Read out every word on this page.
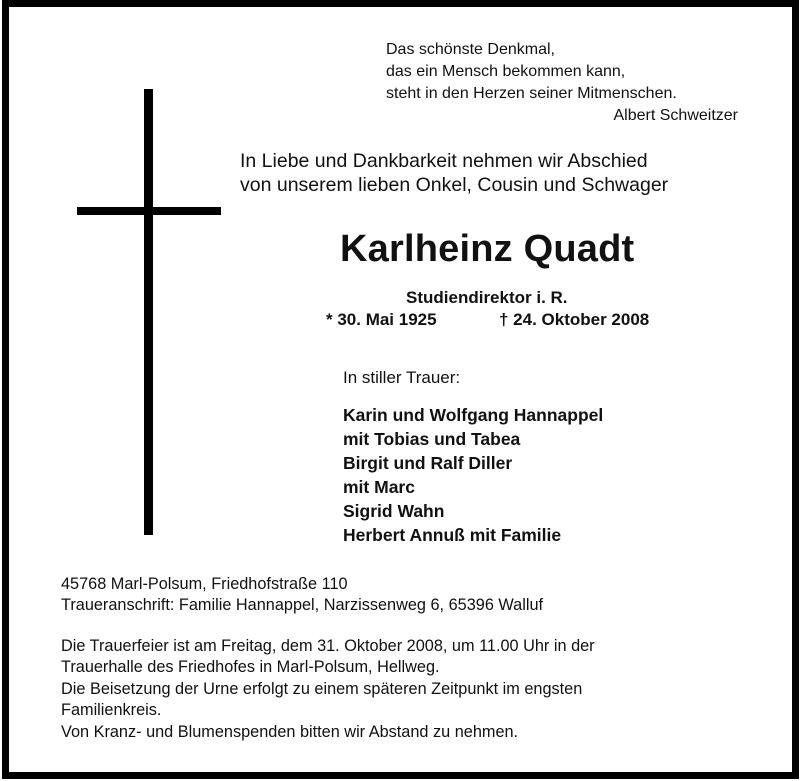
Das schönste Denkmal,
das ein Mensch bekommen kann,
steht in den Herzen seiner Mitmenschen.
Albert Schweitzer
In Liebe und Dankbarkeit nehmen wir Abschied
von unserem lieben Onkel, Cousin und Schwager
Karlheinz Quadt
Studiendirektor i. R.
* 30. Mai 1925	† 24. Oktober 2008
In stiller Trauer:
Karin und Wolfgang Hannappel
mit Tobias und Tabea
Birgit und Ralf Diller
mit Marc
Sigrid Wahn
Herbert Annuß mit Familie
45768 Marl-Polsum, Friedhofstraße 110
Traueranschrift: Familie Hannappel, Narzissenweg 6, 65396 Walluf
Die Trauerfeier ist am Freitag, dem 31. Oktober 2008, um 11.00 Uhr in der
Trauerhalle des Friedhofes in Marl-Polsum, Hellweg.
Die Beisetzung der Urne erfolgt zu einem späteren Zeitpunkt im engsten
Familienkreis.
Von Kranz- und Blumenspenden bitten wir Abstand zu nehmen.
